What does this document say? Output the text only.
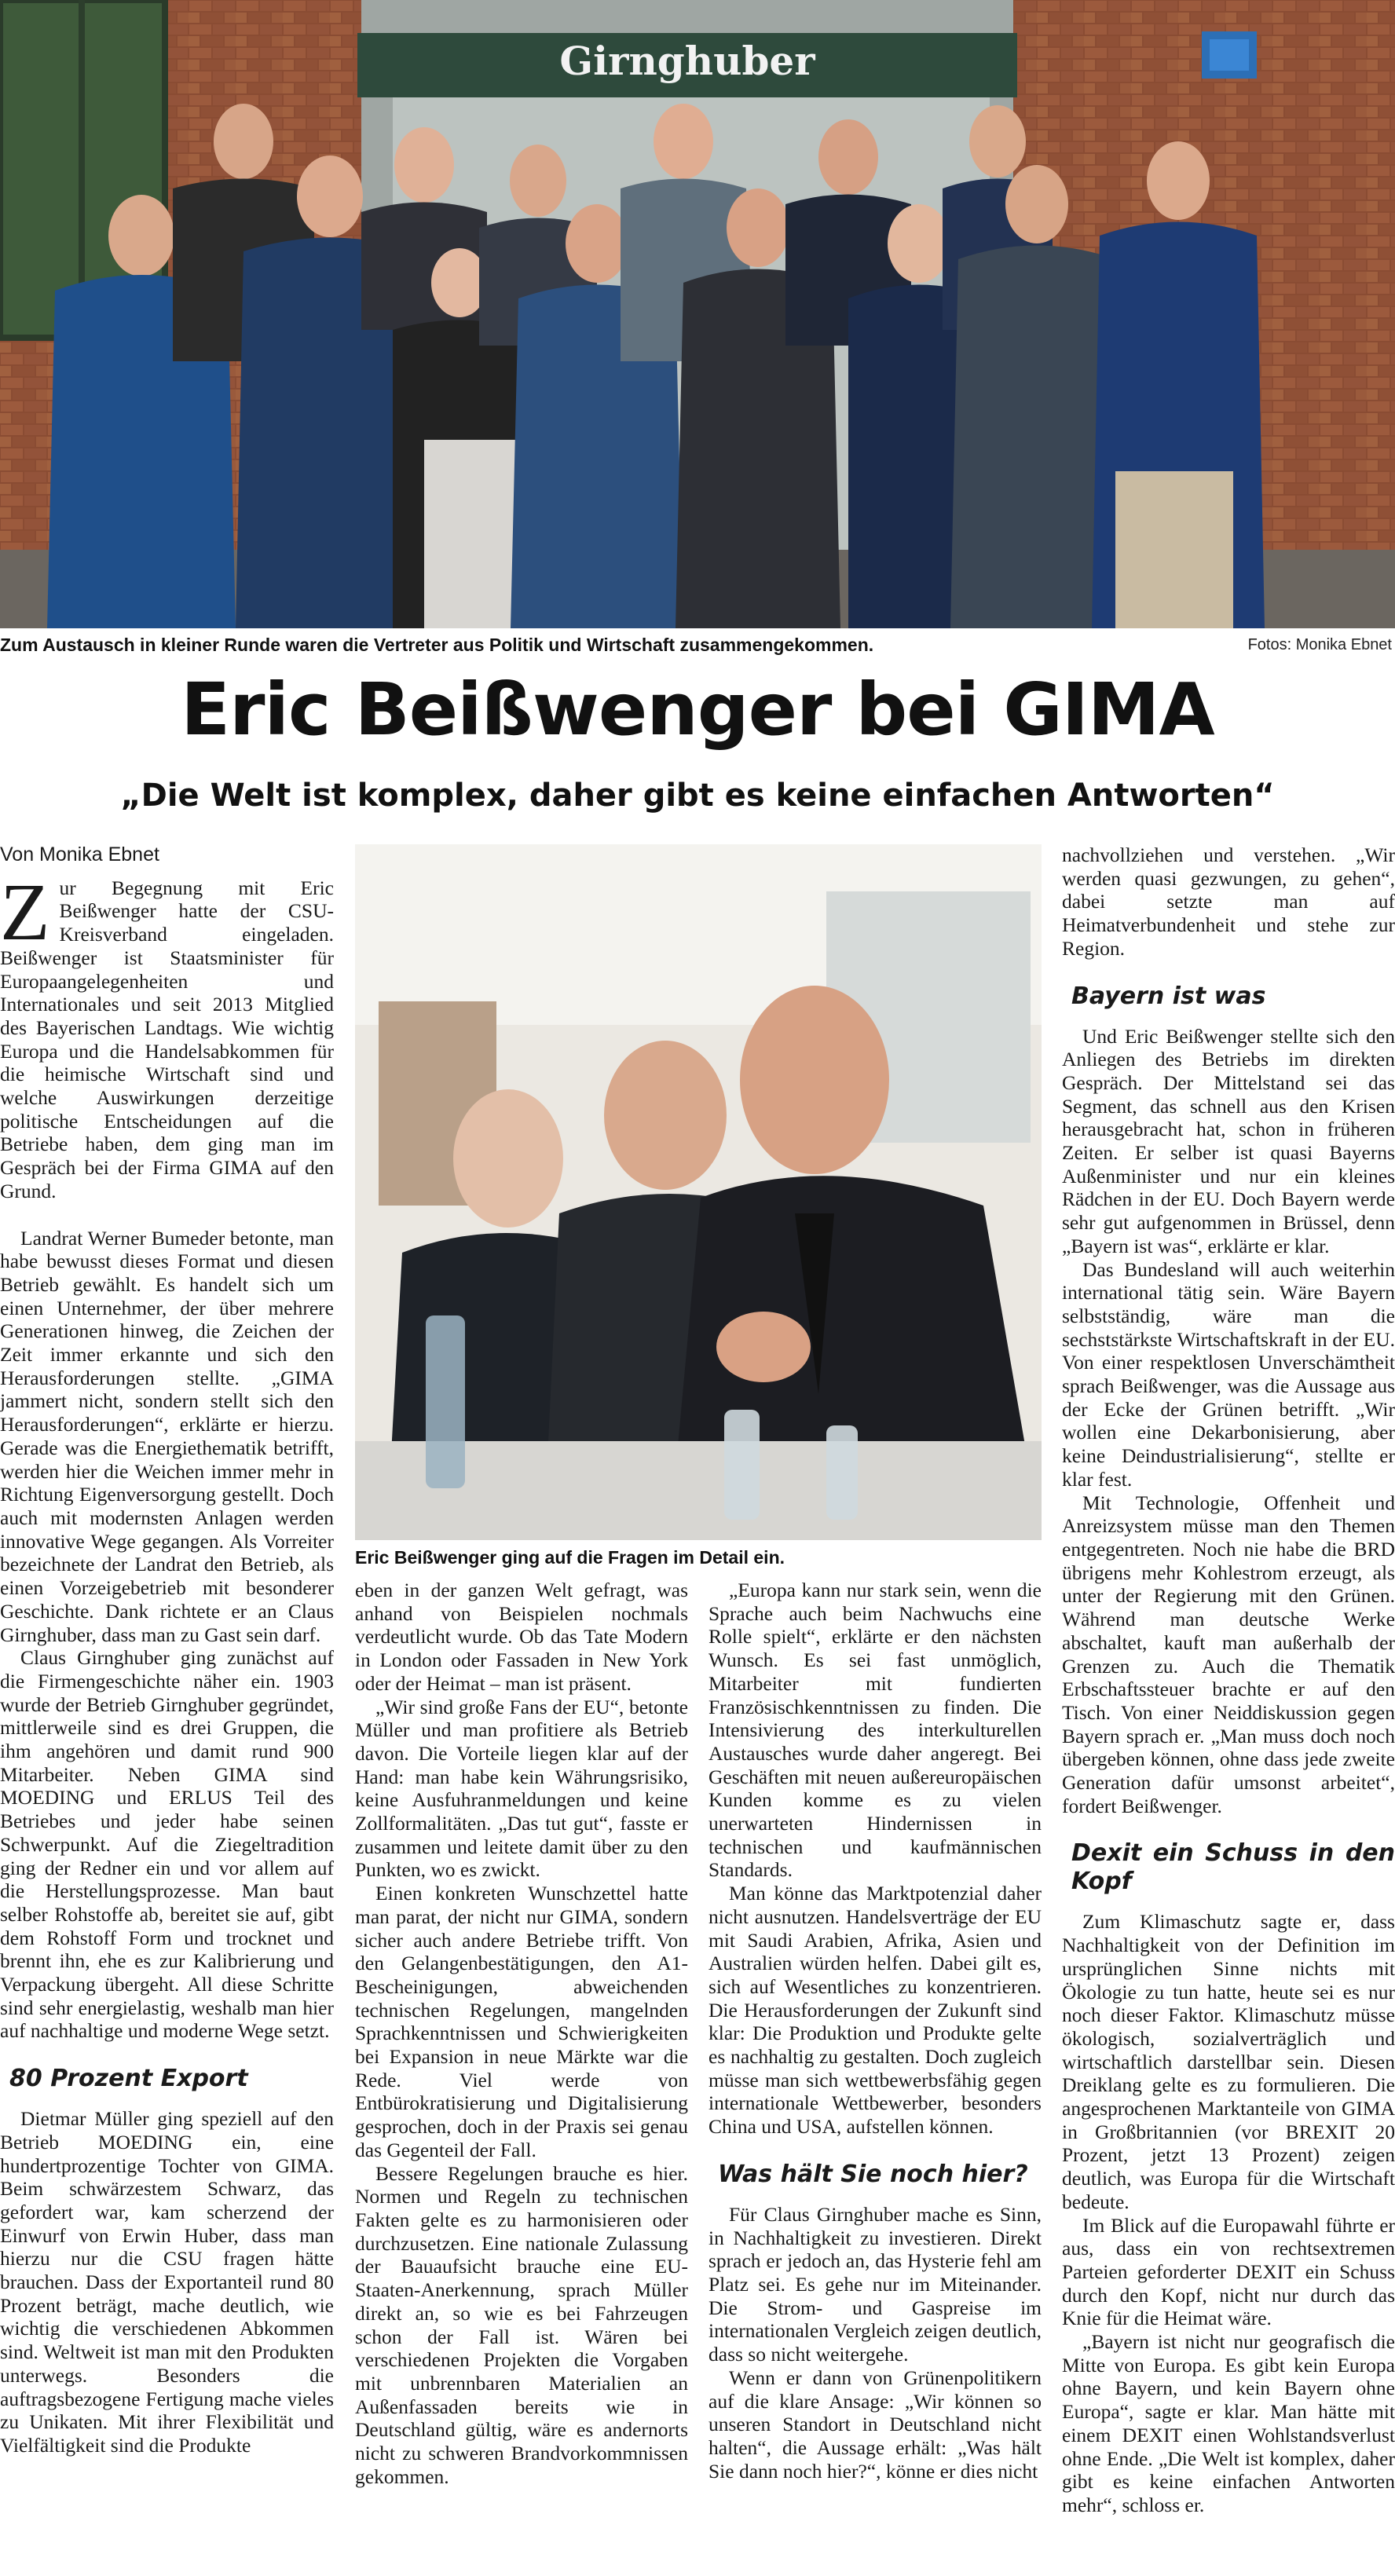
Girnghuber
Zum Austausch in kleiner Runde waren die Vertreter aus Politik und Wirtschaft zusammengekommen.	Fotos: Monika Ebnet
Eric Beißwenger bei GIMA
„Die Welt ist komplex, daher gibt es keine einfachen Antworten“
Von Monika Ebnet

Zur Begegnung mit Eric Beißwenger hatte der CSU-Kreisverband eingeladen. Beißwenger ist Staatsminister für Europaangelegenheiten und Internationales und seit 2013 Mitglied des Bayerischen Landtags. Wie wichtig Europa und die Handelsabkommen für die heimische Wirtschaft sind und welche Auswirkungen derzeitige politische Entscheidungen auf die Betriebe haben, dem ging man im Gespräch bei der Firma GIMA auf den Grund.

Landrat Werner Bumeder betonte, man habe bewusst dieses Format und diesen Betrieb gewählt. Es handelt sich um einen Unternehmer, der über mehrere Generationen hinweg, die Zeichen der Zeit immer erkannte und sich den Herausforderungen stellte. „GIMA jammert nicht, sondern stellt sich den Herausforderungen“, erklärte er hierzu. Gerade was die Energiethematik betrifft, werden hier die Weichen immer mehr in Richtung Eigenversorgung gestellt. Doch auch mit modernsten Anlagen werden innovative Wege gegangen. Als Vorreiter bezeichnete der Landrat den Betrieb, als einen Vorzeigebetrieb mit besonderer Geschichte. Dank richtete er an Claus Girnghuber, dass man zu Gast sein darf.

Claus Girnghuber ging zunächst auf die Firmengeschichte näher ein. 1903 wurde der Betrieb Girnghuber gegründet, mittlerweile sind es drei Gruppen, die ihm angehören und damit rund 900 Mitarbeiter. Neben GIMA sind MOEDING und ERLUS Teil des Betriebes und jeder habe seinen Schwerpunkt. Auf die Ziegeltradition ging der Redner ein und vor allem auf die Herstellungsprozesse. Man baut selber Rohstoffe ab, bereitet sie auf, gibt dem Rohstoff Form und trocknet und brennt ihn, ehe es zur Kalibrierung und Verpackung übergeht. All diese Schritte sind sehr energielastig, weshalb man hier auf nachhaltige und moderne Wege setzt.

80 Prozent Export

Dietmar Müller ging speziell auf den Betrieb MOEDING ein, eine hundertprozentige Tochter von GIMA. Beim schwärzestem Schwarz, das gefordert war, kam scherzend der Einwurf von Erwin Huber, dass man hierzu nur die CSU fragen hätte brauchen. Dass der Exportanteil rund 80 Prozent beträgt, mache deutlich, wie wichtig die verschiedenen Abkommen sind. Weltweit ist man mit den Produkten unterwegs. Besonders die auftragsbezogene Fertigung mache vieles zu Unikaten. Mit ihrer Flexibilität und Vielfältigkeit sind die Produkte

Eric Beißwenger ging auf die Fragen im Detail ein.

eben in der ganzen Welt gefragt, was anhand von Beispielen nochmals verdeutlicht wurde. Ob das Tate Modern in London oder Fassaden in New York oder der Heimat – man ist präsent.

„Wir sind große Fans der EU“, betonte Müller und man profitiere als Betrieb davon. Die Vorteile liegen klar auf der Hand: man habe kein Währungsrisiko, keine Ausfuhranmeldungen und keine Zollformalitäten. „Das tut gut“, fasste er zusammen und leitete damit über zu den Punkten, wo es zwickt.

Einen konkreten Wunschzettel hatte man parat, der nicht nur GIMA, sondern sicher auch andere Betriebe trifft. Von den Gelangenbestätigungen, den A1-Bescheinigungen, abweichenden technischen Regelungen, mangelnden Sprachkenntnissen und Schwierigkeiten bei Expansion in neue Märkte war die Rede. Viel werde von Entbürokratisierung und Digitalisierung gesprochen, doch in der Praxis sei genau das Gegenteil der Fall.

Bessere Regelungen brauche es hier. Normen und Regeln zu technischen Fakten gelte es zu harmonisieren oder durchzusetzen. Eine nationale Zulassung der Bauaufsicht brauche eine EU-Staaten-Anerkennung, sprach Müller direkt an, so wie es bei Fahrzeugen schon der Fall ist. Wären bei verschiedenen Projekten die Vorgaben mit unbrennbaren Materialien an Außenfassaden bereits wie in Deutschland gültig, wäre es andernorts nicht zu schweren Brandvorkommnissen gekommen.

„Europa kann nur stark sein, wenn die Sprache auch beim Nachwuchs eine Rolle spielt“, erklärte er den nächsten Wunsch. Es sei fast unmöglich, Mitarbeiter mit fundierten Französischkenntnissen zu finden. Die Intensivierung des interkulturellen Austausches wurde daher angeregt. Bei Geschäften mit neuen außereuropäischen Kunden komme es zu vielen unerwarteten Hindernissen in technischen und kaufmännischen Standards.

Man könne das Marktpotenzial daher nicht ausnutzen. Handelsverträge der EU mit Saudi Arabien, Afrika, Asien und Australien würden helfen. Dabei gilt es, sich auf Wesentliches zu konzentrieren. Die Herausforderungen der Zukunft sind klar: Die Produktion und Produkte gelte es nachhaltig zu gestalten. Doch zugleich müsse man sich wettbewerbsfähig gegen internationale Wettbewerber, besonders China und USA, aufstellen können.

Was hält Sie noch hier?

Für Claus Girnghuber mache es Sinn, in Nachhaltigkeit zu investieren. Direkt sprach er jedoch an, das Hysterie fehl am Platz sei. Es gehe nur im Miteinander. Die Strom- und Gaspreise im internationalen Vergleich zeigen deutlich, dass so nicht weitergehe.

Wenn er dann von Grünenpolitikern auf die klare Ansage: „Wir können so unseren Standort in Deutschland nicht halten“, die Aussage erhält: „Was hält Sie dann noch hier?“, könne er dies nicht

nachvollziehen und verstehen. „Wir werden quasi gezwungen, zu gehen“, dabei setzte man auf Heimatverbundenheit und stehe zur Region.

Bayern ist was

Und Eric Beißwenger stellte sich den Anliegen des Betriebs im direkten Gespräch. Der Mittelstand sei das Segment, das schnell aus den Krisen herausgebracht hat, schon in früheren Zeiten. Er selber ist quasi Bayerns Außenminister und nur ein kleines Rädchen in der EU. Doch Bayern werde sehr gut aufgenommen in Brüssel, denn „Bayern ist was“, erklärte er klar.

Das Bundesland will auch weiterhin international tätig sein. Wäre Bayern selbstständig, wäre man die sechststärkste Wirtschaftskraft in der EU. Von einer respektlosen Unverschämtheit sprach Beißwenger, was die Aussage aus der Ecke der Grünen betrifft. „Wir wollen eine Dekarbonisierung, aber keine Deindustrialisierung“, stellte er klar fest.

Mit Technologie, Offenheit und Anreizsystem müsse man den Themen entgegentreten. Noch nie habe die BRD übrigens mehr Kohlestrom erzeugt, als unter der Regierung mit den Grünen. Während man deutsche Werke abschaltet, kauft man außerhalb der Grenzen zu. Auch die Thematik Erbschaftssteuer brachte er auf den Tisch. Von einer Neiddiskussion gegen Bayern sprach er. „Man muss doch noch übergeben können, ohne dass jede zweite Generation dafür umsonst arbeitet“, fordert Beißwenger.

Dexit ein Schuss in den Kopf

Zum Klimaschutz sagte er, dass Nachhaltigkeit von der Definition im ursprünglichen Sinne nichts mit Ökologie zu tun hatte, heute sei es nur noch dieser Faktor. Klimaschutz müsse ökologisch, sozialverträglich und wirtschaftlich darstellbar sein. Diesen Dreiklang gelte es zu formulieren. Die angesprochenen Marktanteile von GIMA in Großbritannien (vor BREXIT 20 Prozent, jetzt 13 Prozent) zeigen deutlich, was Europa für die Wirtschaft bedeute.

Im Blick auf die Europawahl führte er aus, dass ein von rechtsextremen Parteien geforderter DEXIT ein Schuss durch den Kopf, nicht nur durch das Knie für die Heimat wäre.

„Bayern ist nicht nur geografisch die Mitte von Europa. Es gibt kein Europa ohne Bayern, und kein Bayern ohne Europa“, sagte er klar. Man hätte mit einem DEXIT einen Wohlstandsverlust ohne Ende. „Die Welt ist komplex, daher gibt es keine einfachen Antworten mehr“, schloss er.
